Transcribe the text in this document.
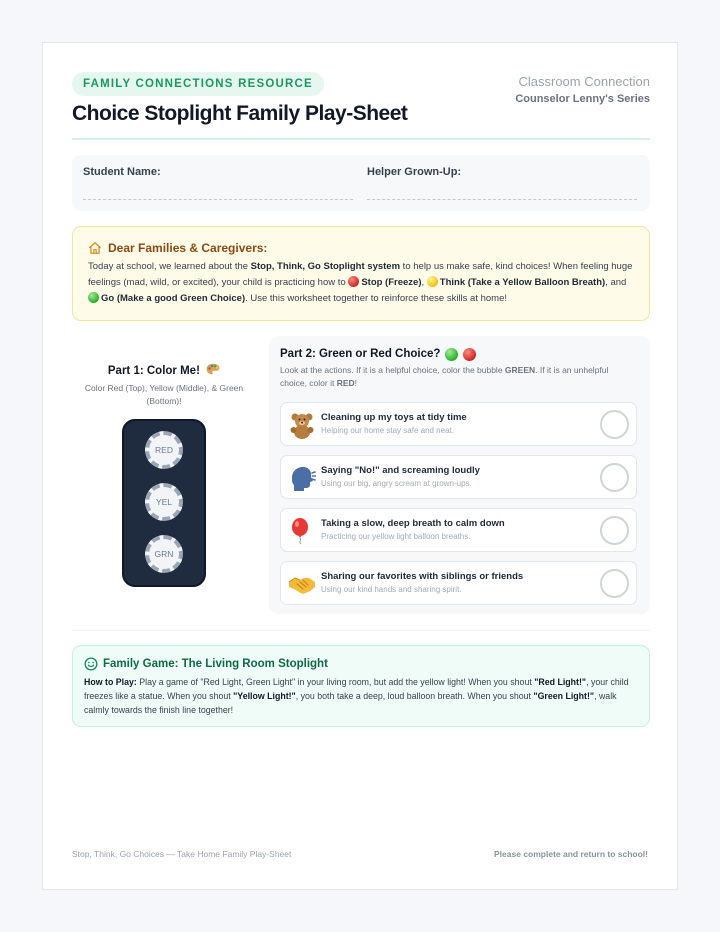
FAMILY CONNECTIONS RESOURCE
Choice Stoplight Family Play-Sheet
Classroom Connection
Counselor Lenny's Series
Student Name:	Helper Grown-Up:
Dear Families & Caregivers:
Today at school, we learned about the Stop, Think, Go Stoplight system to help us make safe, kind choices! When feeling huge feelings (mad, wild, or excited), your child is practicing how to Stop (Freeze), Think (Take a Yellow Balloon Breath), and Go (Make a good Green Choice). Use this worksheet together to reinforce these skills at home!
Part 1: Color Me!
Color Red (Top), Yellow (Middle), & Green (Bottom)!
RED
YEL
GRN
Part 2: Green or Red Choice?
Look at the actions. If it is a helpful choice, color the bubble GREEN. If it is an unhelpful choice, color it RED!
Cleaning up my toys at tidy time
Helping our home stay safe and neat.
Saying "No!" and screaming loudly
Using our big, angry scream at grown-ups.
Taking a slow, deep breath to calm down
Practicing our yellow light balloon breaths.
Sharing our favorites with siblings or friends
Using our kind hands and sharing spirit.
Family Game: The Living Room Stoplight
How to Play: Play a game of "Red Light, Green Light" in your living room, but add the yellow light! When you shout "Red Light!", your child freezes like a statue. When you shout "Yellow Light!", you both take a deep, loud balloon breath. When you shout "Green Light!", walk calmly towards the finish line together!
Stop, Think, Go Choices — Take Home Family Play-Sheet	Please complete and return to school!
